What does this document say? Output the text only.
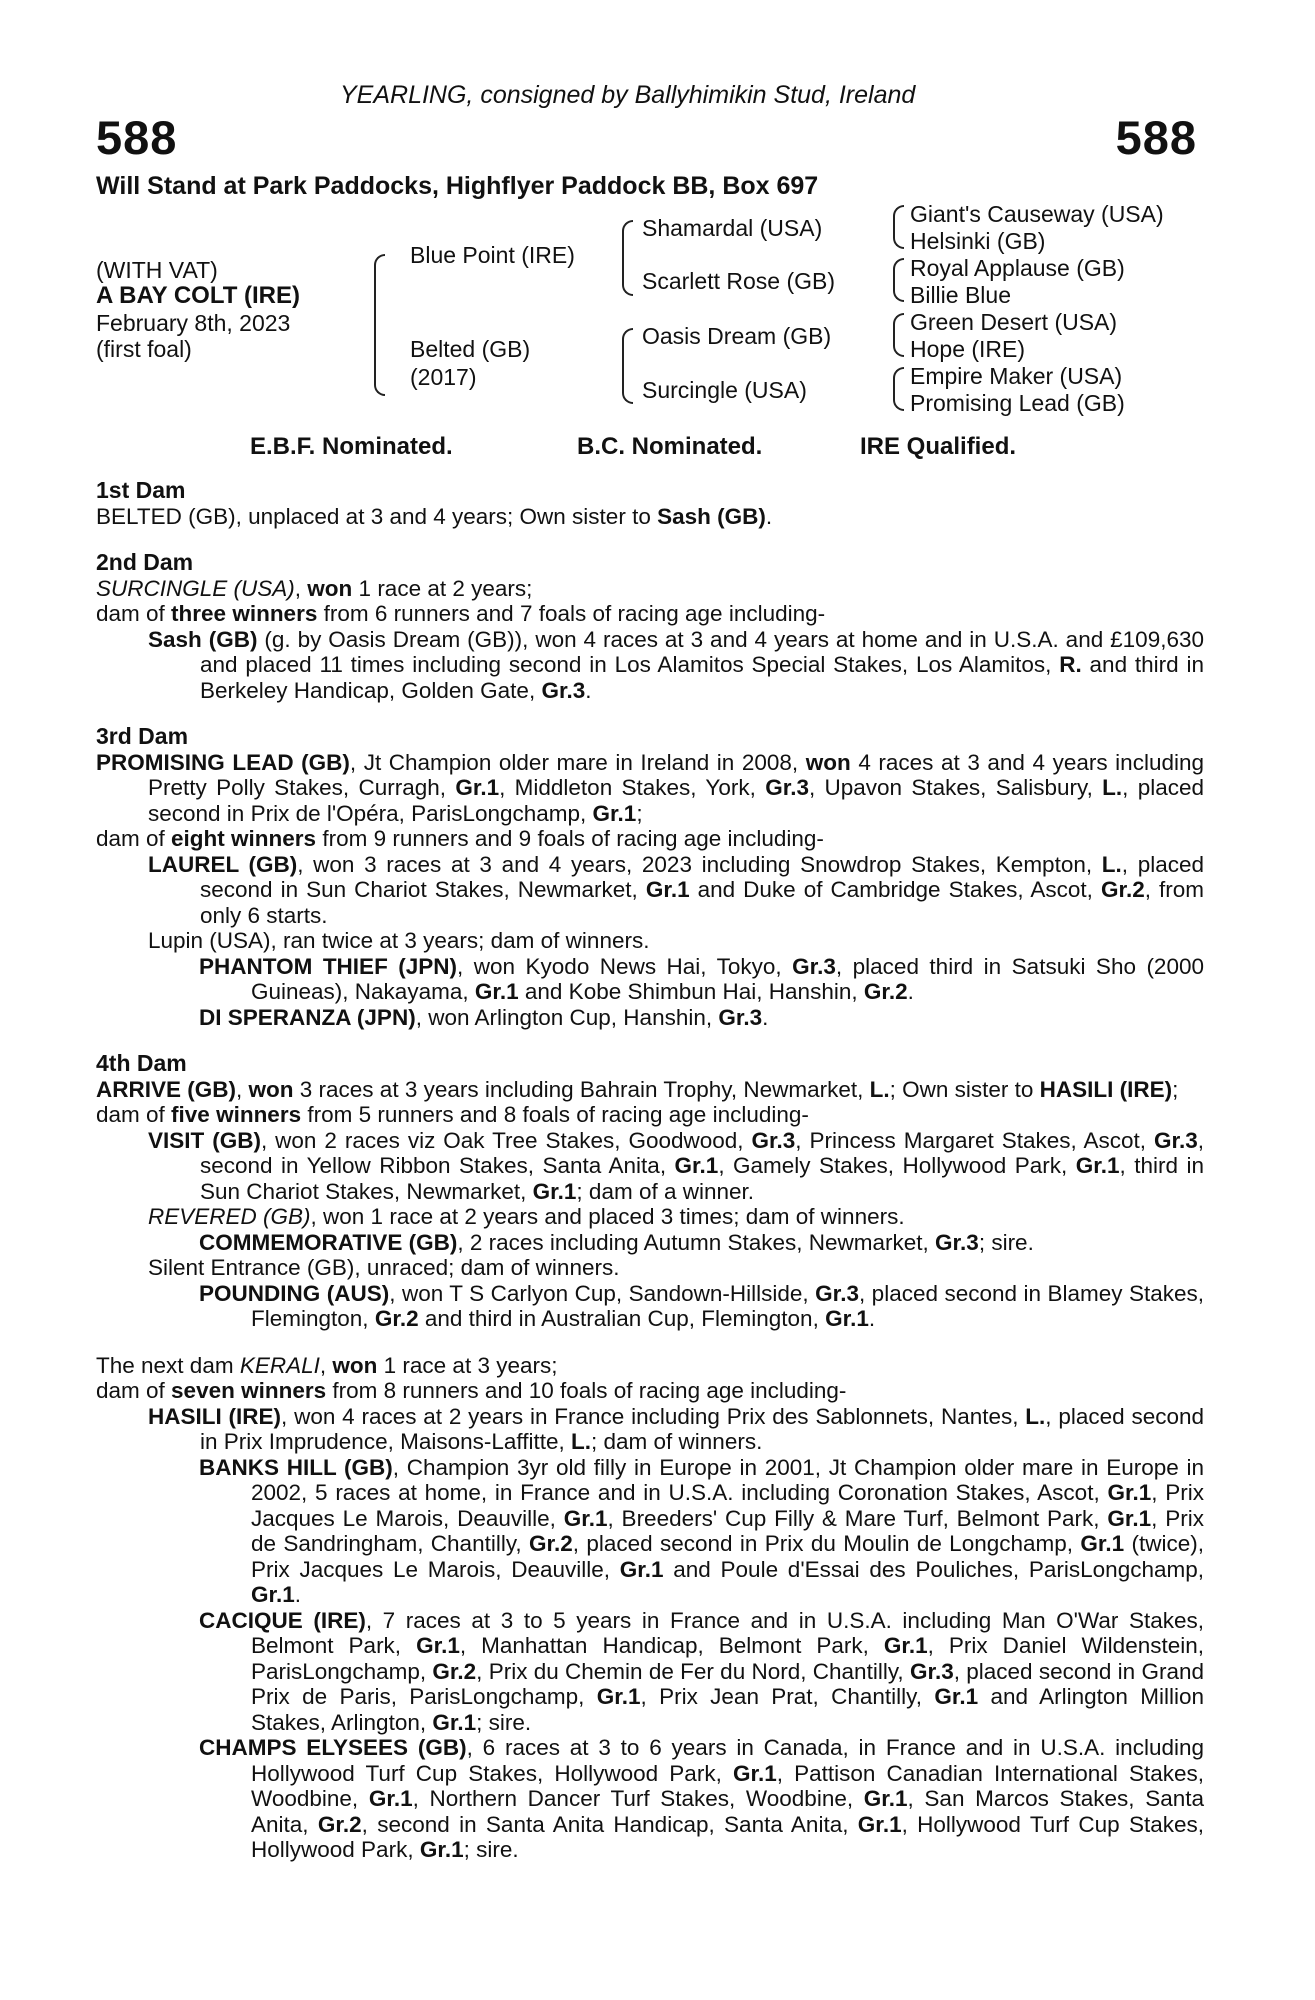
YEARLING, consigned by Ballyhimikin Stud, Ireland
588	588
Will Stand at Park Paddocks, Highflyer Paddock BB, Box 697
(WITH VAT)
A BAY COLT (IRE)
February 8th, 2023
(first foal)
Blue Point (IRE)
Belted (GB)
(2017)
Shamardal (USA)
Scarlett Rose (GB)
Oasis Dream (GB)
Surcingle (USA)
Giant's Causeway (USA)
Helsinki (GB)
Royal Applause (GB)
Billie Blue
Green Desert (USA)
Hope (IRE)
Empire Maker (USA)
Promising Lead (GB)
E.B.F. Nominated.	B.C. Nominated.	IRE Qualified.
1st Dam
BELTED (GB), unplaced at 3 and 4 years; Own sister to Sash (GB).
2nd Dam
SURCINGLE (USA), won 1 race at 2 years;
dam of three winners from 6 runners and 7 foals of racing age including-
Sash (GB) (g. by Oasis Dream (GB)), won 4 races at 3 and 4 years at home and in U.S.A. and £109,630 and placed 11 times including second in Los Alamitos Special Stakes, Los Alamitos, R. and third in Berkeley Handicap, Golden Gate, Gr.3.
3rd Dam
PROMISING LEAD (GB), Jt Champion older mare in Ireland in 2008, won 4 races at 3 and 4 years including Pretty Polly Stakes, Curragh, Gr.1, Middleton Stakes, York, Gr.3, Upavon Stakes, Salisbury, L., placed second in Prix de l'Opéra, ParisLongchamp, Gr.1;
dam of eight winners from 9 runners and 9 foals of racing age including-
LAUREL (GB), won 3 races at 3 and 4 years, 2023 including Snowdrop Stakes, Kempton, L., placed second in Sun Chariot Stakes, Newmarket, Gr.1 and Duke of Cambridge Stakes, Ascot, Gr.2, from only 6 starts.
Lupin (USA), ran twice at 3 years; dam of winners.
PHANTOM THIEF (JPN), won Kyodo News Hai, Tokyo, Gr.3, placed third in Satsuki Sho (2000 Guineas), Nakayama, Gr.1 and Kobe Shimbun Hai, Hanshin, Gr.2.
DI SPERANZA (JPN), won Arlington Cup, Hanshin, Gr.3.
4th Dam
ARRIVE (GB), won 3 races at 3 years including Bahrain Trophy, Newmarket, L.; Own sister to HASILI (IRE);
dam of five winners from 5 runners and 8 foals of racing age including-
VISIT (GB), won 2 races viz Oak Tree Stakes, Goodwood, Gr.3, Princess Margaret Stakes, Ascot, Gr.3, second in Yellow Ribbon Stakes, Santa Anita, Gr.1, Gamely Stakes, Hollywood Park, Gr.1, third in Sun Chariot Stakes, Newmarket, Gr.1; dam of a winner.
REVERED (GB), won 1 race at 2 years and placed 3 times; dam of winners.
COMMEMORATIVE (GB), 2 races including Autumn Stakes, Newmarket, Gr.3; sire.
Silent Entrance (GB), unraced; dam of winners.
POUNDING (AUS), won T S Carlyon Cup, Sandown-Hillside, Gr.3, placed second in Blamey Stakes, Flemington, Gr.2 and third in Australian Cup, Flemington, Gr.1.
The next dam KERALI, won 1 race at 3 years;
dam of seven winners from 8 runners and 10 foals of racing age including-
HASILI (IRE), won 4 races at 2 years in France including Prix des Sablonnets, Nantes, L., placed second in Prix Imprudence, Maisons-Laffitte, L.; dam of winners.
BANKS HILL (GB), Champion 3yr old filly in Europe in 2001, Jt Champion older mare in Europe in 2002, 5 races at home, in France and in U.S.A. including Coronation Stakes, Ascot, Gr.1, Prix Jacques Le Marois, Deauville, Gr.1, Breeders' Cup Filly & Mare Turf, Belmont Park, Gr.1, Prix de Sandringham, Chantilly, Gr.2, placed second in Prix du Moulin de Longchamp, Gr.1 (twice), Prix Jacques Le Marois, Deauville, Gr.1 and Poule d'Essai des Pouliches, ParisLongchamp, Gr.1.
CACIQUE (IRE), 7 races at 3 to 5 years in France and in U.S.A. including Man O'War Stakes, Belmont Park, Gr.1, Manhattan Handicap, Belmont Park, Gr.1, Prix Daniel Wildenstein, ParisLongchamp, Gr.2, Prix du Chemin de Fer du Nord, Chantilly, Gr.3, placed second in Grand Prix de Paris, ParisLongchamp, Gr.1, Prix Jean Prat, Chantilly, Gr.1 and Arlington Million Stakes, Arlington, Gr.1; sire.
CHAMPS ELYSEES (GB), 6 races at 3 to 6 years in Canada, in France and in U.S.A. including Hollywood Turf Cup Stakes, Hollywood Park, Gr.1, Pattison Canadian International Stakes, Woodbine, Gr.1, Northern Dancer Turf Stakes, Woodbine, Gr.1, San Marcos Stakes, Santa Anita, Gr.2, second in Santa Anita Handicap, Santa Anita, Gr.1, Hollywood Turf Cup Stakes, Hollywood Park, Gr.1; sire.
